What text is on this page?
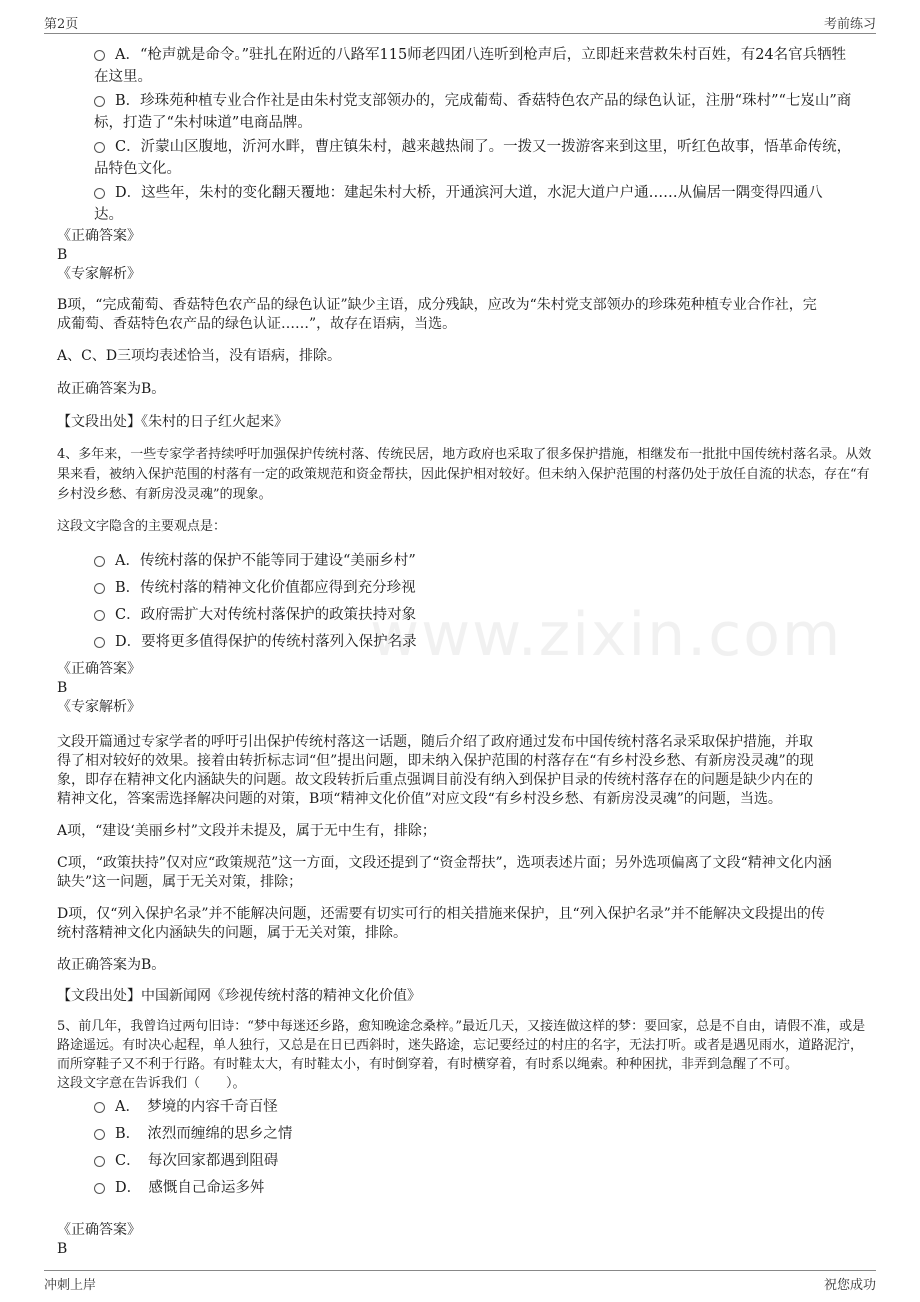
第2页	考前练习
www.zixin.com
A．“枪声就是命令。”驻扎在附近的八路军115师老四团八连听到枪声后，立即赶来营救朱村百姓，有24名官兵牺牲
在这里。
B．珍珠苑种植专业合作社是由朱村党支部领办的，完成葡萄、香菇特色农产品的绿色认证，注册“珠村”“七岌山”商
标，打造了“朱村味道”电商品牌。
C．沂蒙山区腹地，沂河水畔，曹庄镇朱村，越来越热闹了。一拨又一拨游客来到这里，听红色故事，悟革命传统，
品特色文化。
D．这些年，朱村的变化翻天覆地：建起朱村大桥，开通滨河大道，水泥大道户户通……从偏居一隅变得四通八
达。
《正确答案》
B
《专家解析》
B项，“完成葡萄、香菇特色农产品的绿色认证”缺少主语，成分残缺，应改为“朱村党支部领办的珍珠苑种植专业合作社，完
成葡萄、香菇特色农产品的绿色认证……”，故存在语病，当选。
A、C、D三项均表述恰当，没有语病，排除。
故正确答案为B。
【文段出处】《朱村的日子红火起来》
4、多年来，一些专家学者持续呼吁加强保护传统村落、传统民居，地方政府也采取了很多保护措施，相继发布一批批中国传统村落名录。从效
果来看，被纳入保护范围的村落有一定的政策规范和资金帮扶，因此保护相对较好。但未纳入保护范围的村落仍处于放任自流的状态，存在“有
乡村没乡愁、有新房没灵魂”的现象。
这段文字隐含的主要观点是：
A．传统村落的保护不能等同于建设“美丽乡村”
B．传统村落的精神文化价值都应得到充分珍视
C．政府需扩大对传统村落保护的政策扶持对象
D．要将更多值得保护的传统村落列入保护名录
《正确答案》
B
《专家解析》
文段开篇通过专家学者的呼吁引出保护传统村落这一话题，随后介绍了政府通过发布中国传统村落名录采取保护措施，并取
得了相对较好的效果。接着由转折标志词“但”提出问题，即未纳入保护范围的村落存在“有乡村没乡愁、有新房没灵魂”的现
象，即存在精神文化内涵缺失的问题。故文段转折后重点强调目前没有纳入到保护目录的传统村落存在的问题是缺少内在的
精神文化，答案需选择解决问题的对策，B项“精神文化价值”对应文段“有乡村没乡愁、有新房没灵魂”的问题，当选。
A项，“建设‘美丽乡村”文段并未提及，属于无中生有，排除；
C项，“政策扶持”仅对应“政策规范”这一方面，文段还提到了“资金帮扶”，选项表述片面；另外选项偏离了文段“精神文化内涵
缺失”这一问题，属于无关对策，排除；
D项，仅“列入保护名录”并不能解决问题，还需要有切实可行的相关措施来保护，且“列入保护名录”并不能解决文段提出的传
统村落精神文化内涵缺失的问题，属于无关对策，排除。
故正确答案为B。
【文段出处】中国新闻网《珍视传统村落的精神文化价值》
5、前几年，我曾诌过两句旧诗：“梦中每迷还乡路，愈知晚途念桑梓。”最近几天，又接连做这样的梦：要回家，总是不自由，请假不准，或是
路途遥远。有时决心起程，单人独行，又总是在日已西斜时，迷失路途，忘记要经过的村庄的名字，无法打听。或者是遇见雨水，道路泥泞，
而所穿鞋子又不利于行路。有时鞋太大，有时鞋太小，有时倒穿着，有时横穿着，有时系以绳索。种种困扰，非弄到急醒了不可。
这段文字意在告诉我们（　　）。
A．　梦境的内容千奇百怪
B．　浓烈而缠绵的思乡之情
C．　每次回家都遇到阻碍
D．　感慨自己命运多舛
《正确答案》
B
冲刺上岸	祝您成功
